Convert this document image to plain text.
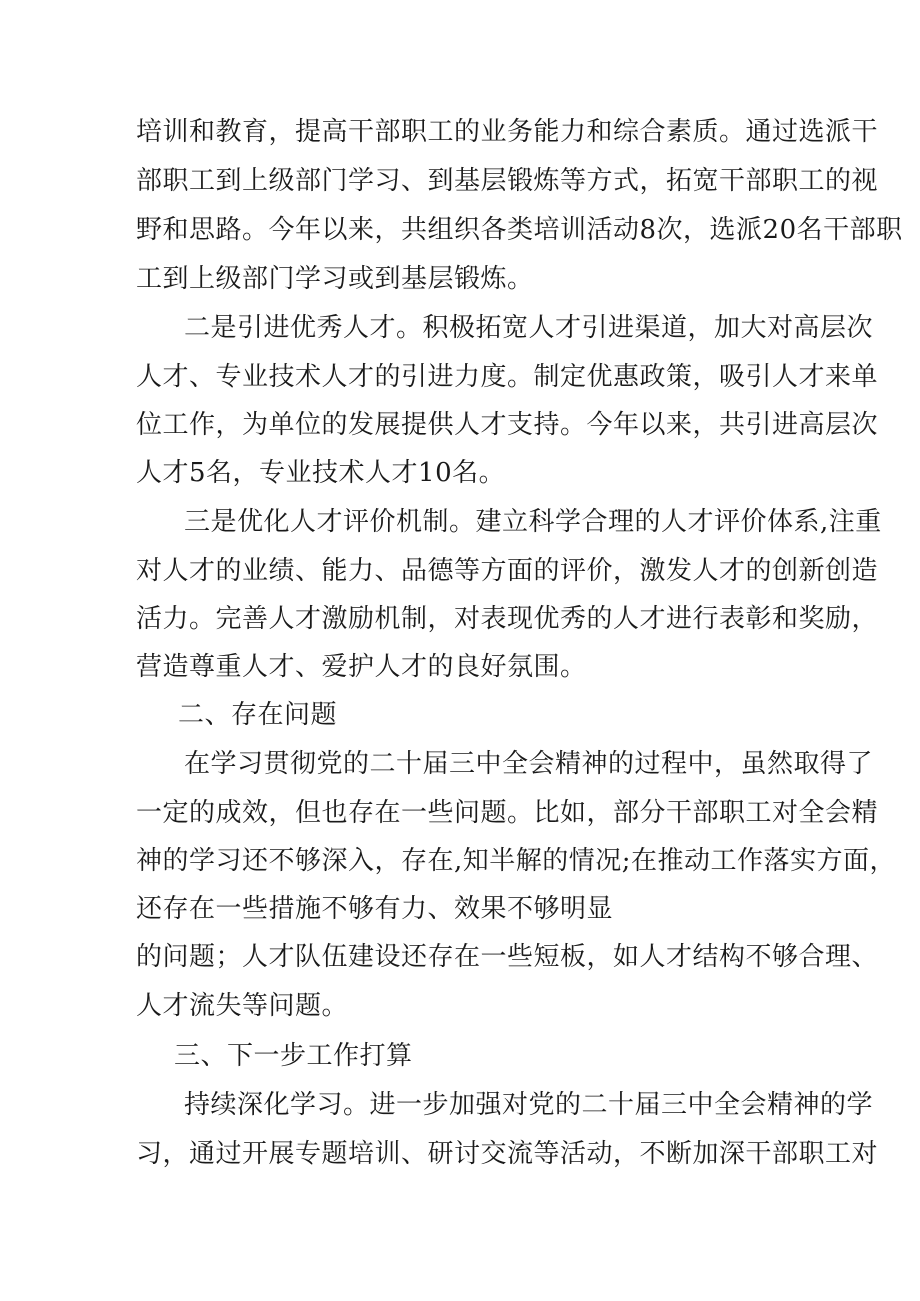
培训和教育，提高干部职工的业务能力和综合素质。通过选派干
部职工到上级部门学习、到基层锻炼等方式，拓宽干部职工的视
野和思路。今年以来，共组织各类培训活动8次，选派20名干部职
工到上级部门学习或到基层锻炼。
二是引进优秀人才。积极拓宽人才引进渠道，加大对高层次
人才、专业技术人才的引进力度。制定优惠政策，吸引人才来单
位工作，为单位的发展提供人才支持。今年以来，共引进高层次
人才5名，专业技术人才10名。
三是优化人才评价机制。建立科学合理的人才评价体系,注重
对人才的业绩、能力、品德等方面的评价，激发人才的创新创造
活力。完善人才激励机制，对表现优秀的人才进行表彰和奖励，
营造尊重人才、爱护人才的良好氛围。
二、存在问题
在学习贯彻党的二十届三中全会精神的过程中，虽然取得了
一定的成效，但也存在一些问题。比如，部分干部职工对全会精
神的学习还不够深入，存在,知半解的情况;在推动工作落实方面，
还存在一些措施不够有力、效果不够明显
的问题；人才队伍建设还存在一些短板，如人才结构不够合理、
人才流失等问题。
三、下一步工作打算
持续深化学习。进一步加强对党的二十届三中全会精神的学
习，通过开展专题培训、研讨交流等活动，不断加深干部职工对
